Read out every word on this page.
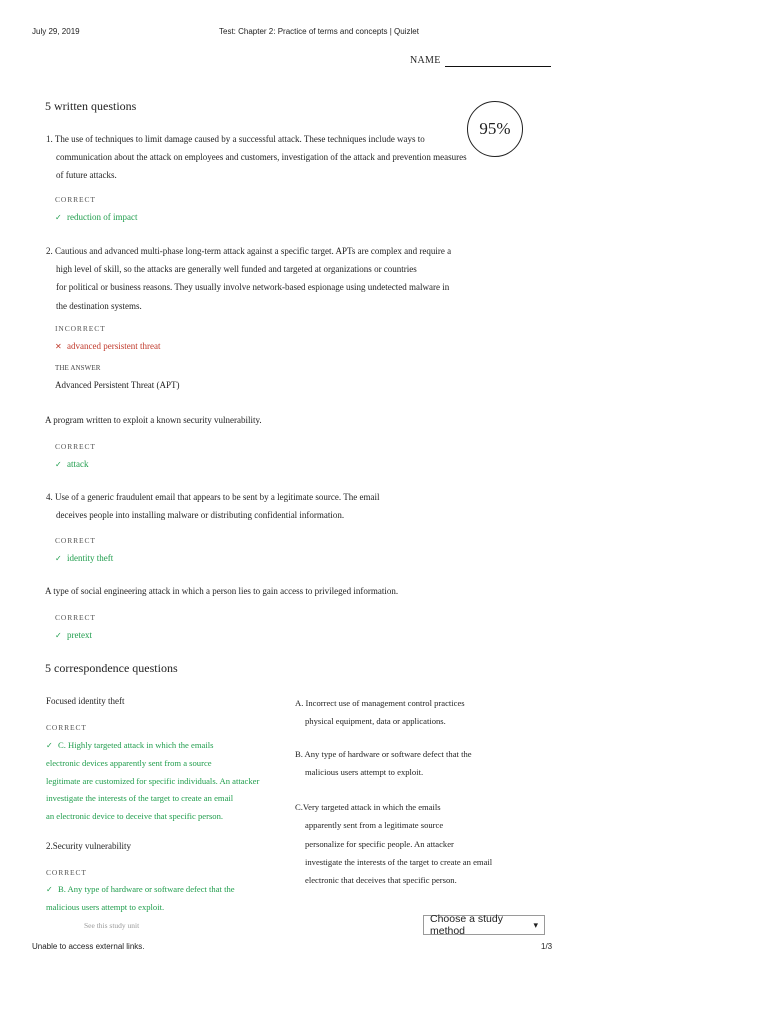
July 29, 2019	Test: Chapter 2: Practice of terms and concepts | Quizlet
NAME
95%
5 written questions
1. The use of techniques to limit damage caused by a successful attack. These techniques include ways to
communication about the attack on employees and customers, investigation of the attack and prevention measures
of future attacks.
CORRECT
✓ reduction of impact
2. Cautious and advanced multi-phase long-term attack against a specific target. APTs are complex and require a
high level of skill, so the attacks are generally well funded and targeted at organizations or countries
for political or business reasons. They usually involve network-based espionage using undetected malware in
the destination systems.
INCORRECT
✕ advanced persistent threat
THE ANSWER
Advanced Persistent Threat (APT)
A program written to exploit a known security vulnerability.
CORRECT
✓ attack
4. Use of a generic fraudulent email that appears to be sent by a legitimate source. The email
deceives people into installing malware or distributing confidential information.
CORRECT
✓ identity theft
A type of social engineering attack in which a person lies to gain access to privileged information.
CORRECT
✓ pretext
5 correspondence questions
Focused identity theft
CORRECT
✓ C. Highly targeted attack in which the emails
electronic devices apparently sent from a source
legitimate are customized for specific individuals. An attacker
investigate the interests of the target to create an email
an electronic device to deceive that specific person.
2.Security vulnerability
CORRECT
✓ B. Any type of hardware or software defect that the
malicious users attempt to exploit.
See this study unit
A. Incorrect use of management control practices
physical equipment, data or applications.
B. Any type of hardware or software defect that the
malicious users attempt to exploit.
C.Very targeted attack in which the emails
apparently sent from a legitimate source
personalize for specific people. An attacker
investigate the interests of the target to create an email
electronic that deceives that specific person.
Choose a study method
▾
Unable to access external links.	1/3
